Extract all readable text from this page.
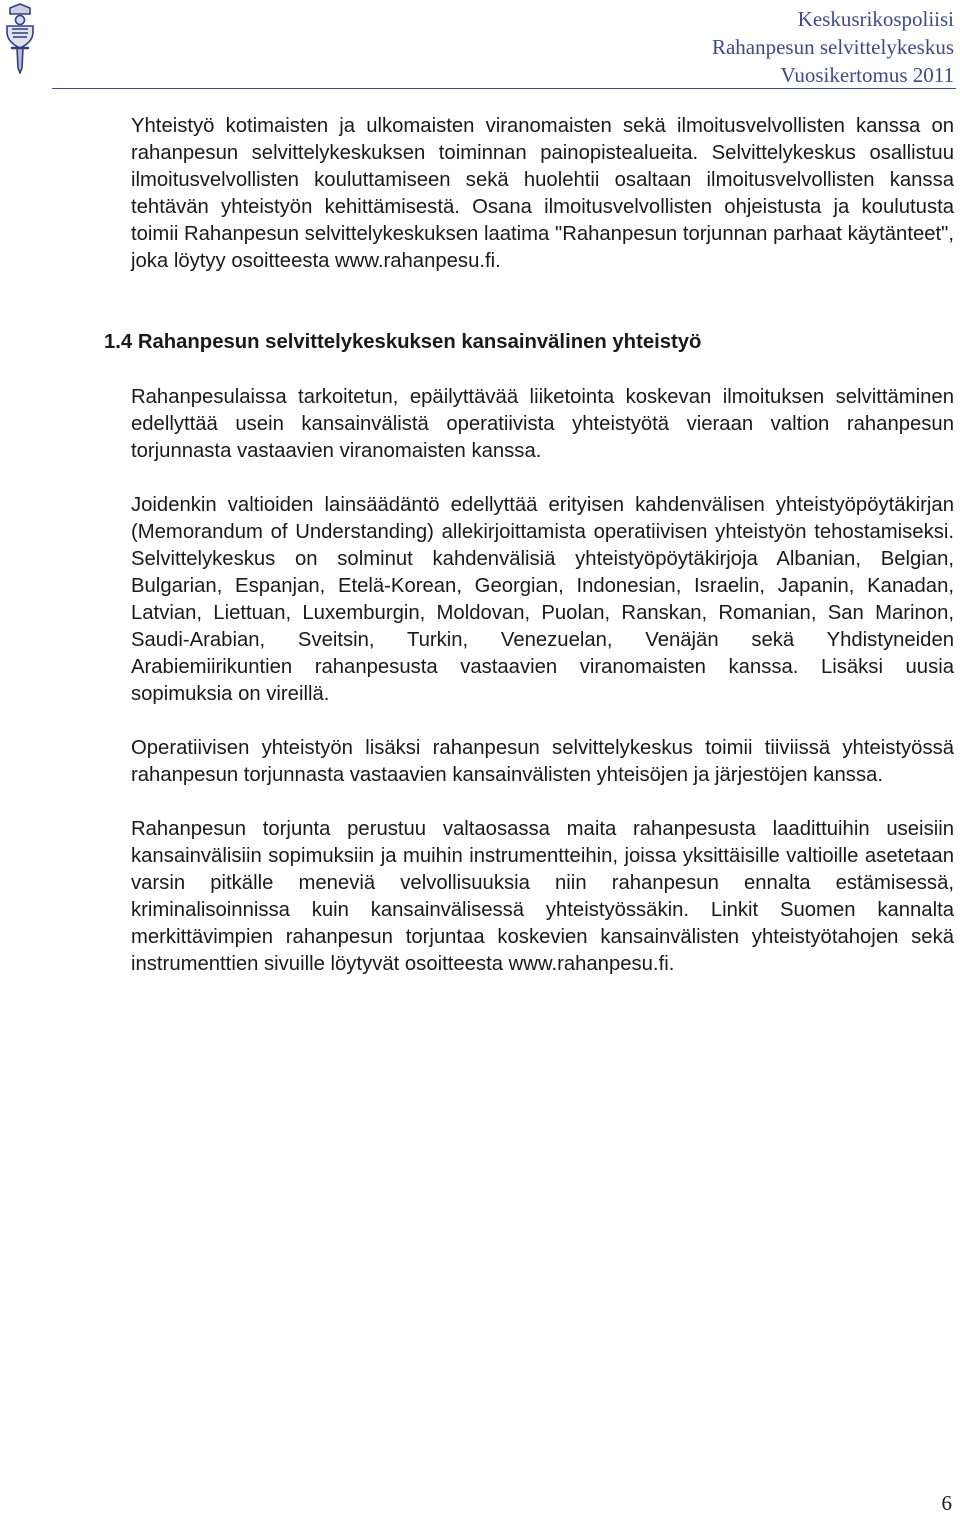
Keskusrikospoliisi
Rahanpesun selvittelykeskus
Vuosikertomus 2011

Yhteistyö kotimaisten ja ulkomaisten viranomaisten sekä ilmoitusvelvollisten kanssa on rahanpesun selvittelykeskuksen toiminnan painopistealueita. Selvittelykeskus osallistuu ilmoitusvelvollisten kouluttamiseen sekä huolehtii osaltaan ilmoitusvelvollisten kanssa tehtävän yhteistyön kehittämisestä. Osana ilmoitusvelvollisten ohjeistusta ja koulutusta toimii Rahanpesun selvittelykeskuksen laatima "Rahanpesun torjunnan parhaat käytänteet", joka löytyy osoitteesta www.rahanpesu.fi.

1.4 Rahanpesun selvittelykeskuksen kansainvälinen yhteistyö

Rahanpesulaissa tarkoitetun, epäilyttävää liiketointa koskevan ilmoituksen selvittäminen edellyttää usein kansainvälistä operatiivista yhteistyötä vieraan valtion rahanpesun torjunnasta vastaavien viranomaisten kanssa.

Joidenkin valtioiden lainsäädäntö edellyttää erityisen kahdenvälisen yhteistyöpöytäkirjan (Memorandum of Understanding) allekirjoittamista operatiivisen yhteistyön tehostamiseksi. Selvittelykeskus on solminut kahdenvälisiä yhteistyöpöytäkirjoja Albanian, Belgian, Bulgarian, Espanjan, Etelä-Korean, Georgian, Indonesian, Israelin, Japanin, Kanadan, Latvian, Liettuan, Luxemburgin, Moldovan, Puolan, Ranskan, Romanian, San Marinon, Saudi-Arabian, Sveitsin, Turkin, Venezuelan, Venäjän sekä Yhdistyneiden Arabiemiirikuntien rahanpesusta vastaavien viranomaisten kanssa. Lisäksi uusia sopimuksia on vireillä.

Operatiivisen yhteistyön lisäksi rahanpesun selvittelykeskus toimii tiiviissä yhteistyössä rahanpesun torjunnasta vastaavien kansainvälisten yhteisöjen ja järjestöjen kanssa.

Rahanpesun torjunta perustuu valtaosassa maita rahanpesusta laadittuihin useisiin kansainvälisiin sopimuksiin ja muihin instrumentteihin, joissa yksittäisille valtioille asetetaan varsin pitkälle meneviä velvollisuuksia niin rahanpesun ennalta estämisessä, kriminalisoinnissa kuin kansainvälisessä yhteistyössäkin. Linkit Suomen kannalta merkittävimpien rahanpesun torjuntaa koskevien kansainvälisten yhteistyötahojen sekä instrumenttien sivuille löytyvät osoitteesta www.rahanpesu.fi.

6
